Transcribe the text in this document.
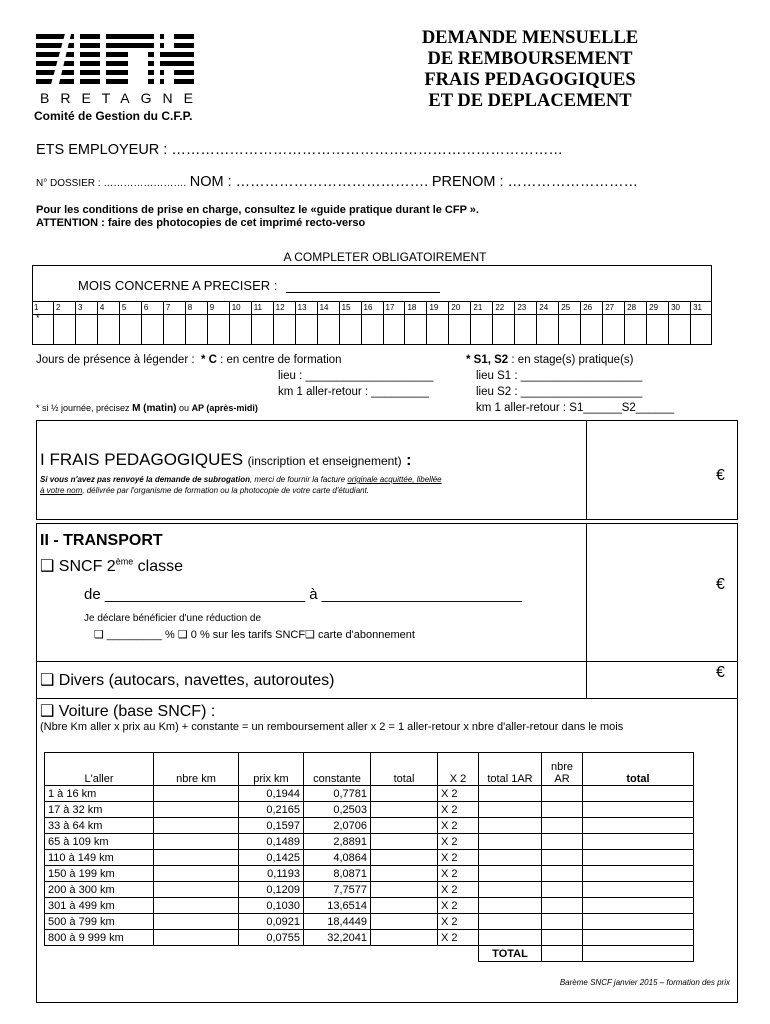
BRETAGNE
Comité de Gestion du C.F.P.
DEMANDE MENSUELLE
DE REMBOURSEMENT
FRAIS PEDAGOGIQUES
ET DE DEPLACEMENT
ETS EMPLOYEUR : ………………………………………………………………………
N° DOSSIER : ……………………. NOM : …………………………………. PRENOM : ………………………
Pour les conditions de prise en charge, consultez le «guide pratique durant le CFP ».
ATTENTION : faire des photocopies de cet imprimé recto-verso
A COMPLETER OBLIGATOIREMENT
MOIS CONCERNE A PRECISER :
1	2	3	4	5	6	7	8	9	10	11	12	13	14	15	16	17	18	19	20	21	22	23	24	25	26	27	28	29	30	31
*
Jours de présence à légender : * C : en centre de formation
lieu : ____________________
km 1 aller-retour : _________
* S1, S2 : en stage(s) pratique(s)
lieu S1 : ___________________
lieu S2 : ___________________
km 1 aller-retour : S1______S2______
* si ½ journée, précisez M (matin) ou AP (après-midi)
I FRAIS PEDAGOGIQUES (inscription et enseignement) :
Si vous n'avez pas renvoyé la demande de subrogation, merci de fournir la facture originale acquittée, libellée
à votre nom, délivrée par l'organisme de formation ou la photocopie de votre carte d'étudiant.
€
II - TRANSPORT
❑ SNCF 2ème classe
de ________________________ à ________________________
Je déclare bénéficier d'une réduction de
❑ _________ % ❑ 0 % sur les tarifs SNCF❑ carte d'abonnement
€
❑ Divers (autocars, navettes, autoroutes)	€
❑ Voiture (base SNCF) :
(Nbre Km aller x prix au Km) + constante = un remboursement aller x 2 = 1 aller-retour x nbre d'aller-retour dans le mois
L'aller	nbre km	prix km	constante	total	X 2	total 1AR	nbre AR	total
1 à 16 km		0,1944	0,7781		X 2			
17 à 32 km		0,2165	0,2503		X 2			
33 à 64 km		0,1597	2,0706		X 2			
65 à 109 km		0,1489	2,8891		X 2			
110 à 149 km		0,1425	4,0864		X 2			
150 à 199 km		0,1193	8,0871		X 2			
200 à 300 km		0,1209	7,7577		X 2			
301 à 499 km		0,1030	13,6514		X 2			
500 à 799 km		0,0921	18,4449		X 2			
800 à 9 999 km		0,0755	32,2041		X 2			
						TOTAL		
Barème SNCF janvier 2015 – formation des prix
